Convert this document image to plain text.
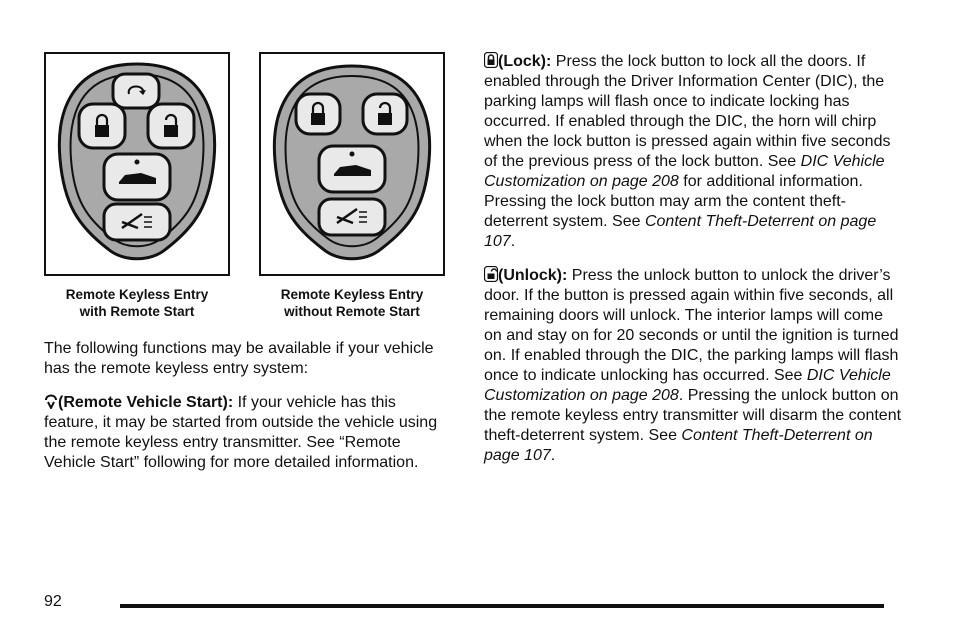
Remote Keyless Entry
with Remote Start
Remote Keyless Entry
without Remote Start

The following functions may be available if your vehicle has the remote keyless entry system:

(Remote Vehicle Start): If your vehicle has this feature, it may be started from outside the vehicle using the remote keyless entry transmitter. See “Remote Vehicle Start” following for more detailed information.

(Lock): Press the lock button to lock all the doors. If enabled through the Driver Information Center (DIC), the parking lamps will flash once to indicate locking has occurred. If enabled through the DIC, the horn will chirp when the lock button is pressed again within five seconds of the previous press of the lock button. See DIC Vehicle Customization on page 208 for additional information. Pressing the lock button may arm the content theft-deterrent system. See Content Theft-Deterrent on page 107.

(Unlock): Press the unlock button to unlock the driver’s door. If the button is pressed again within five seconds, all remaining doors will unlock. The interior lamps will come on and stay on for 20 seconds or until the ignition is turned on. If enabled through the DIC, the parking lamps will flash once to indicate unlocking has occurred. See DIC Vehicle Customization on page 208. Pressing the unlock button on the remote keyless entry transmitter will disarm the content theft-deterrent system. See Content Theft-Deterrent on page 107.

92
